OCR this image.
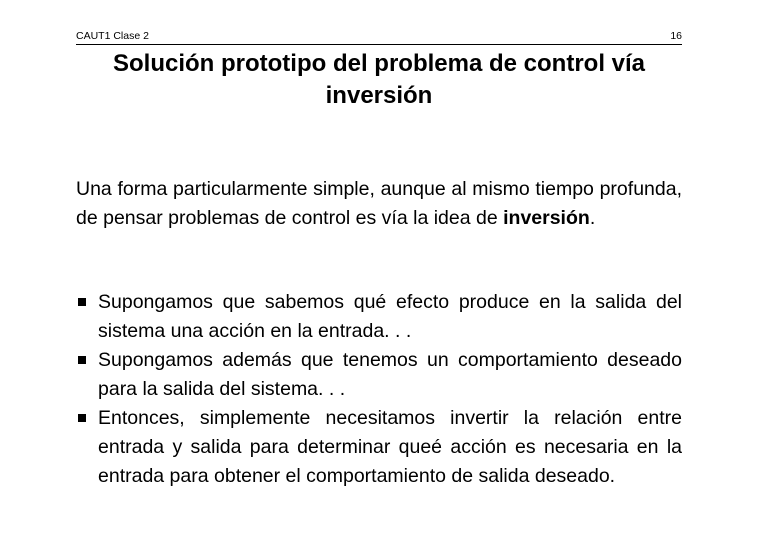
CAUT1 Clase 2	16
Solución prototipo del problema de control vía inversión

Una forma particularmente simple, aunque al mismo tiempo profunda, de pensar problemas de control es vía la idea de inversión.

Supongamos que sabemos qué efecto produce en la salida del sistema una acción en la entrada. . .
Supongamos además que tenemos un comportamiento deseado para la salida del sistema. . .
Entonces, simplemente necesitamos invertir la relación entre entrada y salida para determinar queé acción es necesaria en la entrada para obtener el comportamiento de salida deseado.
